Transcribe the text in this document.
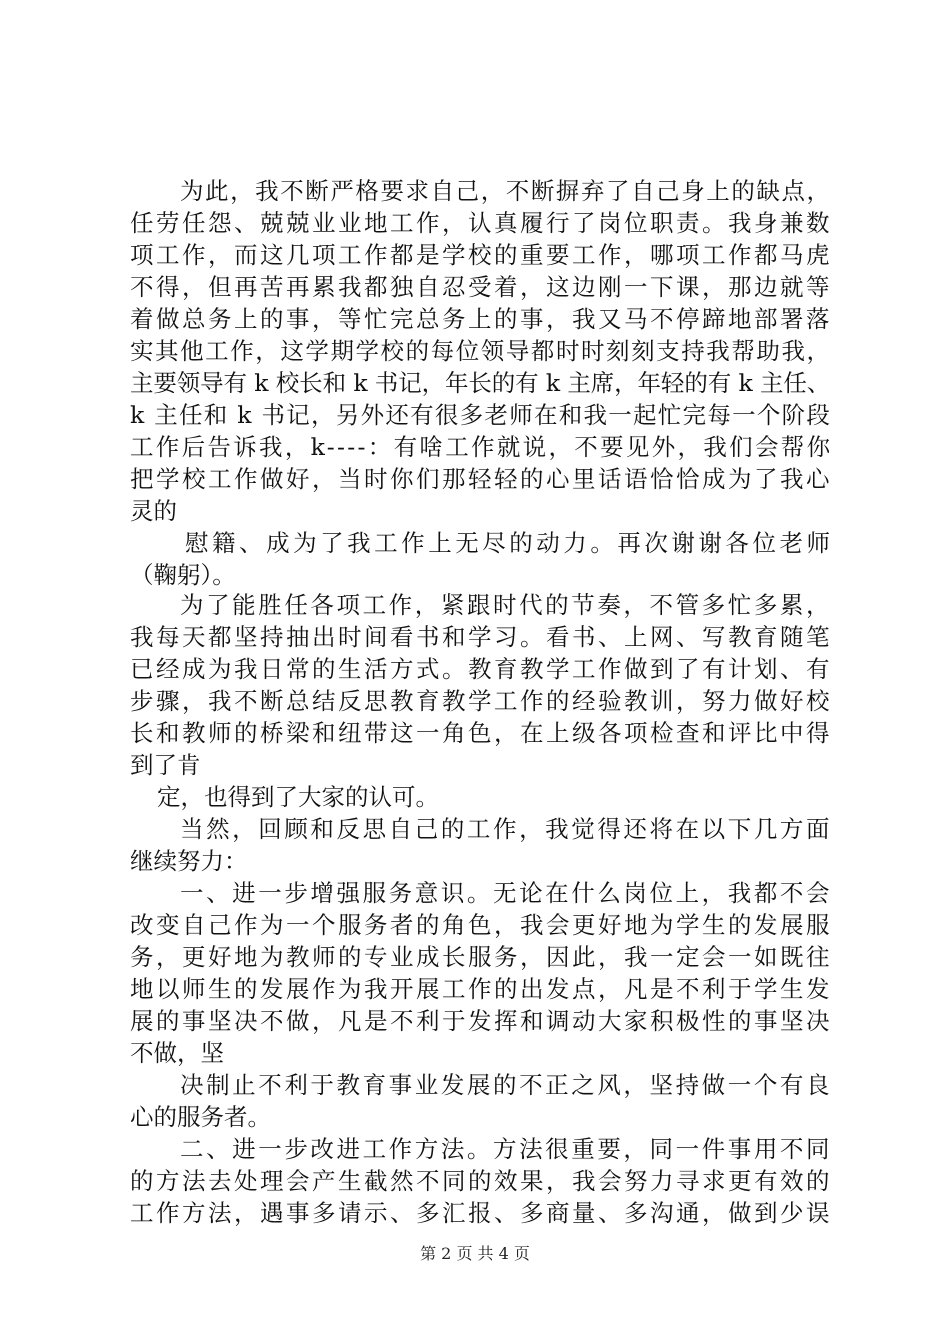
为此，我不断严格要求自己，不断摒弃了自己身上的缺点，
任劳任怨、兢兢业业地工作，认真履行了岗位职责。我身兼数
项工作，而这几项工作都是学校的重要工作，哪项工作都马虎
不得，但再苦再累我都独自忍受着，这边刚一下课，那边就等
着做总务上的事，等忙完总务上的事，我又马不停蹄地部署落
实其他工作，这学期学校的每位领导都时时刻刻支持我帮助我，
主要领导有 k 校长和 k 书记，年长的有 k 主席，年轻的有 k 主任、
k 主任和 k 书记，另外还有很多老师在和我一起忙完每一个阶段
工作后告诉我，k----：有啥工作就说，不要见外，我们会帮你
把学校工作做好，当时你们那轻轻的心里话语恰恰成为了我心
灵的
慰籍、成为了我工作上无尽的动力。再次谢谢各位老师
（鞠躬）。
为了能胜任各项工作，紧跟时代的节奏，不管多忙多累，
我每天都坚持抽出时间看书和学习。看书、上网、写教育随笔
已经成为我日常的生活方式。教育教学工作做到了有计划、有
步骤，我不断总结反思教育教学工作的经验教训，努力做好校
长和教师的桥梁和纽带这一角色，在上级各项检查和评比中得
到了肯
定，也得到了大家的认可。
当然，回顾和反思自己的工作，我觉得还将在以下几方面
继续努力：
一、进一步增强服务意识。无论在什么岗位上，我都不会
改变自己作为一个服务者的角色，我会更好地为学生的发展服
务，更好地为教师的专业成长服务，因此，我一定会一如既往
地以师生的发展作为我开展工作的出发点，凡是不利于学生发
展的事坚决不做，凡是不利于发挥和调动大家积极性的事坚决
不做，坚
决制止不利于教育事业发展的不正之风，坚持做一个有良
心的服务者。
二、进一步改进工作方法。方法很重要，同一件事用不同
的方法去处理会产生截然不同的效果，我会努力寻求更有效的
工作方法，遇事多请示、多汇报、多商量、多沟通，做到少误
第 2 页 共 4 页
